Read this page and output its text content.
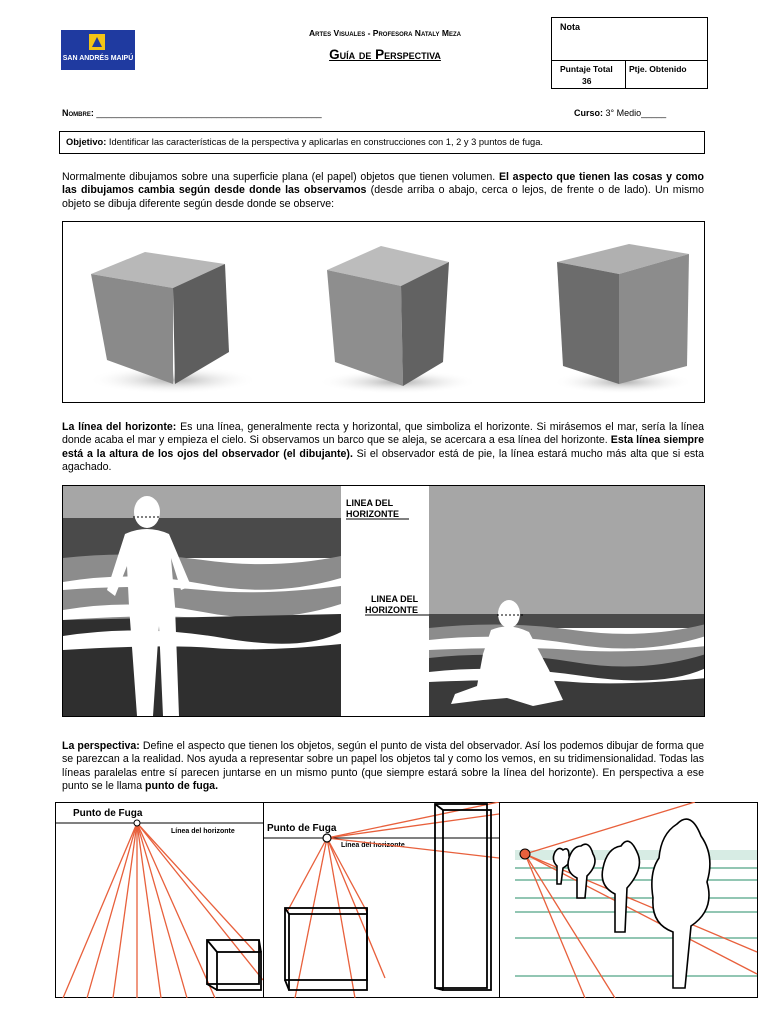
SAN ANDRÉS MAIPÚ
Artes Visuales - Profesora Nataly Meza
Guía de Perspectiva
Nota
Puntaje Total
36
Ptje. Obtenido
Nombre: _____________________________________________	Curso: 3° Medio_____
Objetivo: Identificar las características de la perspectiva y aplicarlas en construcciones con 1, 2 y 3 puntos de fuga.
Normalmente dibujamos sobre una superficie plana (el papel) objetos que tienen volumen. El aspecto que tienen las cosas y como las dibujamos cambia según desde donde las observamos (desde arriba o abajo, cerca o lejos, de frente o de lado). Un mismo objeto se dibuja diferente según desde donde se observe:
La línea del horizonte: Es una línea, generalmente recta y horizontal, que simboliza el horizonte. Si mirásemos el mar, sería la línea donde acaba el mar y empieza el cielo. Si observamos un barco que se aleja, se acercara a esa línea del horizonte. Esta línea siempre está a la altura de los ojos del observador (el dibujante). Si el observador está de pie, la línea estará mucho más alta que si esta agachado.
LINEA DEL
HORIZONTE
LINEA DEL
HORIZONTE
La perspectiva: Define el aspecto que tienen los objetos, según el punto de vista del observador. Así los podemos dibujar de forma que se parezcan a la realidad. Nos ayuda a representar sobre un papel los objetos tal y como los vemos, en su tridimensionalidad. Todas las líneas paralelas entre sí parecen juntarse en un mismo punto (que siempre estará sobre la línea del horizonte). En perspectiva a ese punto se le llama punto de fuga.
Punto de Fuga
Línea del horizonte	Punto de Fuga
Línea del horizonte
